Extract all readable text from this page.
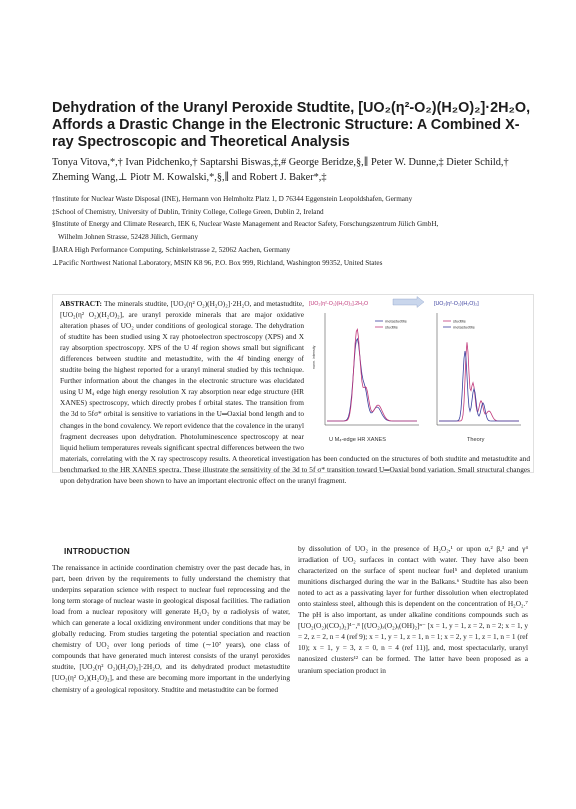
Dehydration of the Uranyl Peroxide Studtite, [UO₂(η²-O₂)(H₂O)₂]·2H₂O, Affords a Drastic Change in the Electronic Structure: A Combined X-ray Spectroscopic and Theoretical Analysis

Tonya Vitova,*,† Ivan Pidchenko,† Saptarshi Biswas,‡,# George Beridze,§,∥ Peter W. Dunne,‡ Dieter Schild,† Zheming Wang,⊥ Piotr M. Kowalski,*,§,∥ and Robert J. Baker*,‡

†Institute for Nuclear Waste Disposal (INE), Hermann von Helmholtz Platz 1, D 76344 Eggenstein Leopoldshafen, Germany
‡School of Chemistry, University of Dublin, Trinity College, College Green, Dublin 2, Ireland
§Institute of Energy and Climate Research, IEK 6, Nuclear Waste Management and Reactor Safety, Forschungszentrum Jülich GmbH,
Wilhelm Johnen Strasse, 52428 Jülich, Germany
∥JARA High Performance Computing, Schinkelstrasse 2, 52062 Aachen, Germany
⊥Pacific Northwest National Laboratory, MSIN K8 96, P.O. Box 999, Richland, Washington 99352, United States
[UO₂(η²-O₂)(H₂O)₂].2H₂O	[UO₂(η²-O₂)(H₂O)₂]
norm. intensity
metastudtite
studtite
studtite
metastudtite
U M₄-edge HR XANES	Theory
ABSTRACT: The minerals studtite, [UO₂(η² O₂)(H₂O)₂]·2H₂O, and metastudtite, [UO₂(η² O₂)(H₂O)₂], are uranyl peroxide minerals that are major oxidative alteration phases of UO₂ under conditions of geological storage. The dehydration of studtite has been studied using X ray photoelectron spectroscopy (XPS) and X ray absorption spectroscopy. XPS of the U 4f region shows small but significant differences between studtite and metastudtite, with the 4f binding energy of studtite being the highest reported for a uranyl mineral studied by this technique. Further information about the changes in the electronic structure was elucidated using U M₄ edge high energy resolution X ray absorption near edge structure (HR XANES) spectroscopy, which directly probes f orbital states. The transition from the 3d to 5fσ* orbital is sensitive to variations in the U═Oaxial bond length and to changes in the bond covalency. We report evidence that the covalence in the uranyl fragment decreases upon dehydration. Photoluminescence spectroscopy at near liquid helium temperatures reveals significant spectral differences between the two materials, correlating with the X ray spectroscopy results. A theoretical investigation has been conducted on the structures of both studtite and metastudtite and benchmarked to the HR XANES spectra. These illustrate the sensitivity of the 3d to 5f σ* transition toward U═Oaxial bond variation. Small structural changes upon dehydration have been shown to have an important electronic effect on the uranyl fragment.
INTRODUCTION
The renaissance in actinide coordination chemistry over the past decade has, in part, been driven by the requirements to fully understand the chemistry that underpins separation science with respect to nuclear fuel reprocessing and the long term storage of nuclear waste in geological disposal facilities. The radiation load from a nuclear repository will generate H₂O₂ by α radiolysis of water, which can generate a local oxidizing environment under conditions that may be globally reducing. From studies targeting the potential speciation and reaction chemistry of UO₂ over long periods of time (∼10⁷ years), one class of compounds that have generated much interest consists of the uranyl peroxides studtite, [UO₂(η² O₂)(H₂O)₂]·2H₂O, and its dehydrated product metastudtite [UO₂(η² O₂)(H₂O)₂], and these are becoming more important in the underlying chemistry of a geological repository. Studtite and metastudtite can be formed
by dissolution of UO₂ in the presence of H₂O₂,¹ or upon α,² β,³ and γ⁴ irradiation of UO₂ surfaces in contact with water. They have also been characterized on the surface of spent nuclear fuel⁵ and depleted uranium munitions discharged during the war in the Balkans.⁶ Studtite has also been noted to act as a passivating layer for further dissolution when electroplated onto stainless steel, although this is dependent on the concentration of H₂O₂.⁷ The pH is also important, as under alkaline conditions compounds such as [UO₂(O₂)(CO₃)₂]⁴⁻,⁸ [(UO₂)ₓ(O₂)ᵧ(OH)₂]ⁿ⁻ [x = 1, y = 1, z = 2, n = 2; x = 1, y = 2, z = 2, n = 4 (ref 9); x = 1, y = 1, z = 1, n = 1; x = 2, y = 1, z = 1, n = 1 (ref 10); x = 1, y = 3, z = 0, n = 4 (ref 11)], and, most spectacularly, uranyl nanosized clusters¹² can be formed. The latter have been proposed as a uranium speciation product in
